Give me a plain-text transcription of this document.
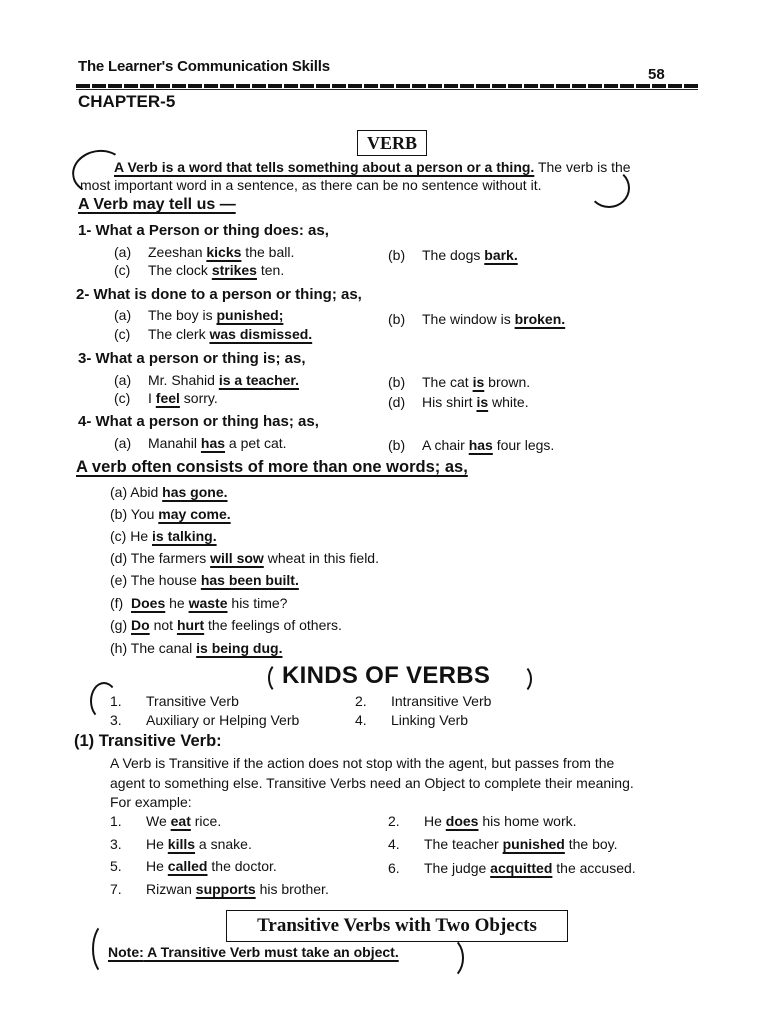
The Learner's Communication Skills	58
CHAPTER-5
VERB
A Verb is a word that tells something about a person or a thing. The verb is the
most important word in a sentence, as there can be no sentence without it.
A Verb may tell us —
1- What a Person or thing does: as,
(a) Zeeshan kicks the ball.	(b) The dogs bark.
(c) The clock strikes ten.
2- What is done to a person or thing; as,
(a) The boy is punished;	(b) The window is broken.
(c) The clerk was dismissed.
3- What a person or thing is; as,
(a) Mr. Shahid is a teacher.	(b) The cat is brown.
(c) I feel sorry.	(d) His shirt is white.
4- What a person or thing has; as,
(a) Manahil has a pet cat.	(b) A chair has four legs.
A verb often consists of more than one words; as,
(a) Abid has gone.
(b) You may come.
(c) He is talking.
(d) The farmers will sow wheat in this field.
(e) The house has been built.
(f) Does he waste his time?
(g) Do not hurt the feelings of others.
(h) The canal is being dug.
KINDS OF VERBS
1. Transitive Verb	2. Intransitive Verb
3. Auxiliary or Helping Verb	4. Linking Verb
(1) Transitive Verb:
A Verb is Transitive if the action does not stop with the agent, but passes from the
agent to something else. Transitive Verbs need an Object to complete their meaning.
For example:
1. We eat rice.	2. He does his home work.
3. He kills a snake.	4. The teacher punished the boy.
5. He called the doctor.	6. The judge acquitted the accused.
7. Rizwan supports his brother.
Transitive Verbs with Two Objects
Note: A Transitive Verb must take an object.
